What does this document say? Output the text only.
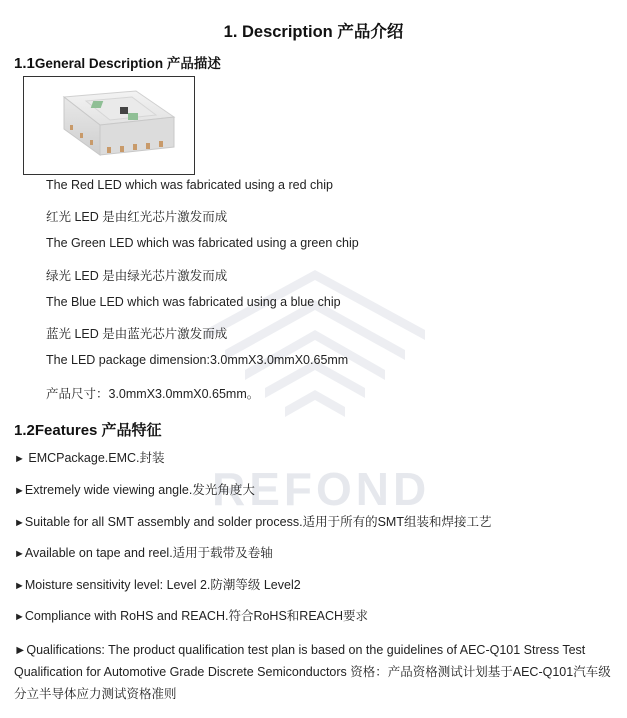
REFOND
1. Description 产品介绍
1.1General Description 产品描述
The Red LED which was fabricated using a red chip
红光 LED 是由红光芯片激发而成
The Green LED which was fabricated using a green chip
绿光 LED 是由绿光芯片激发而成
The Blue LED which was fabricated using a blue chip
蓝光 LED 是由蓝光芯片激发而成
The LED package dimension:3.0mmX3.0mmX0.65mm
产品尺寸：3.0mmX3.0mmX0.65mm。
1.2Features 产品特征
► EMCPackage.EMC.封装
►Extremely wide viewing angle.发光角度大
►Suitable for all SMT assembly and solder process.适用于所有的SMT组装和焊接工艺
►Available on tape and reel.适用于载带及卷轴
►Moisture sensitivity level: Level 2.防潮等级 Level2
►Compliance with RoHS and REACH.符合RoHS和REACH要求
►Qualifications: The product qualification test plan is based on the guidelines of AEC-Q101 Stress Test Qualification for Automotive Grade Discrete Semiconductors 资格：产品资格测试计划基于AEC-Q101汽车级分立半导体应力测试资格准则
